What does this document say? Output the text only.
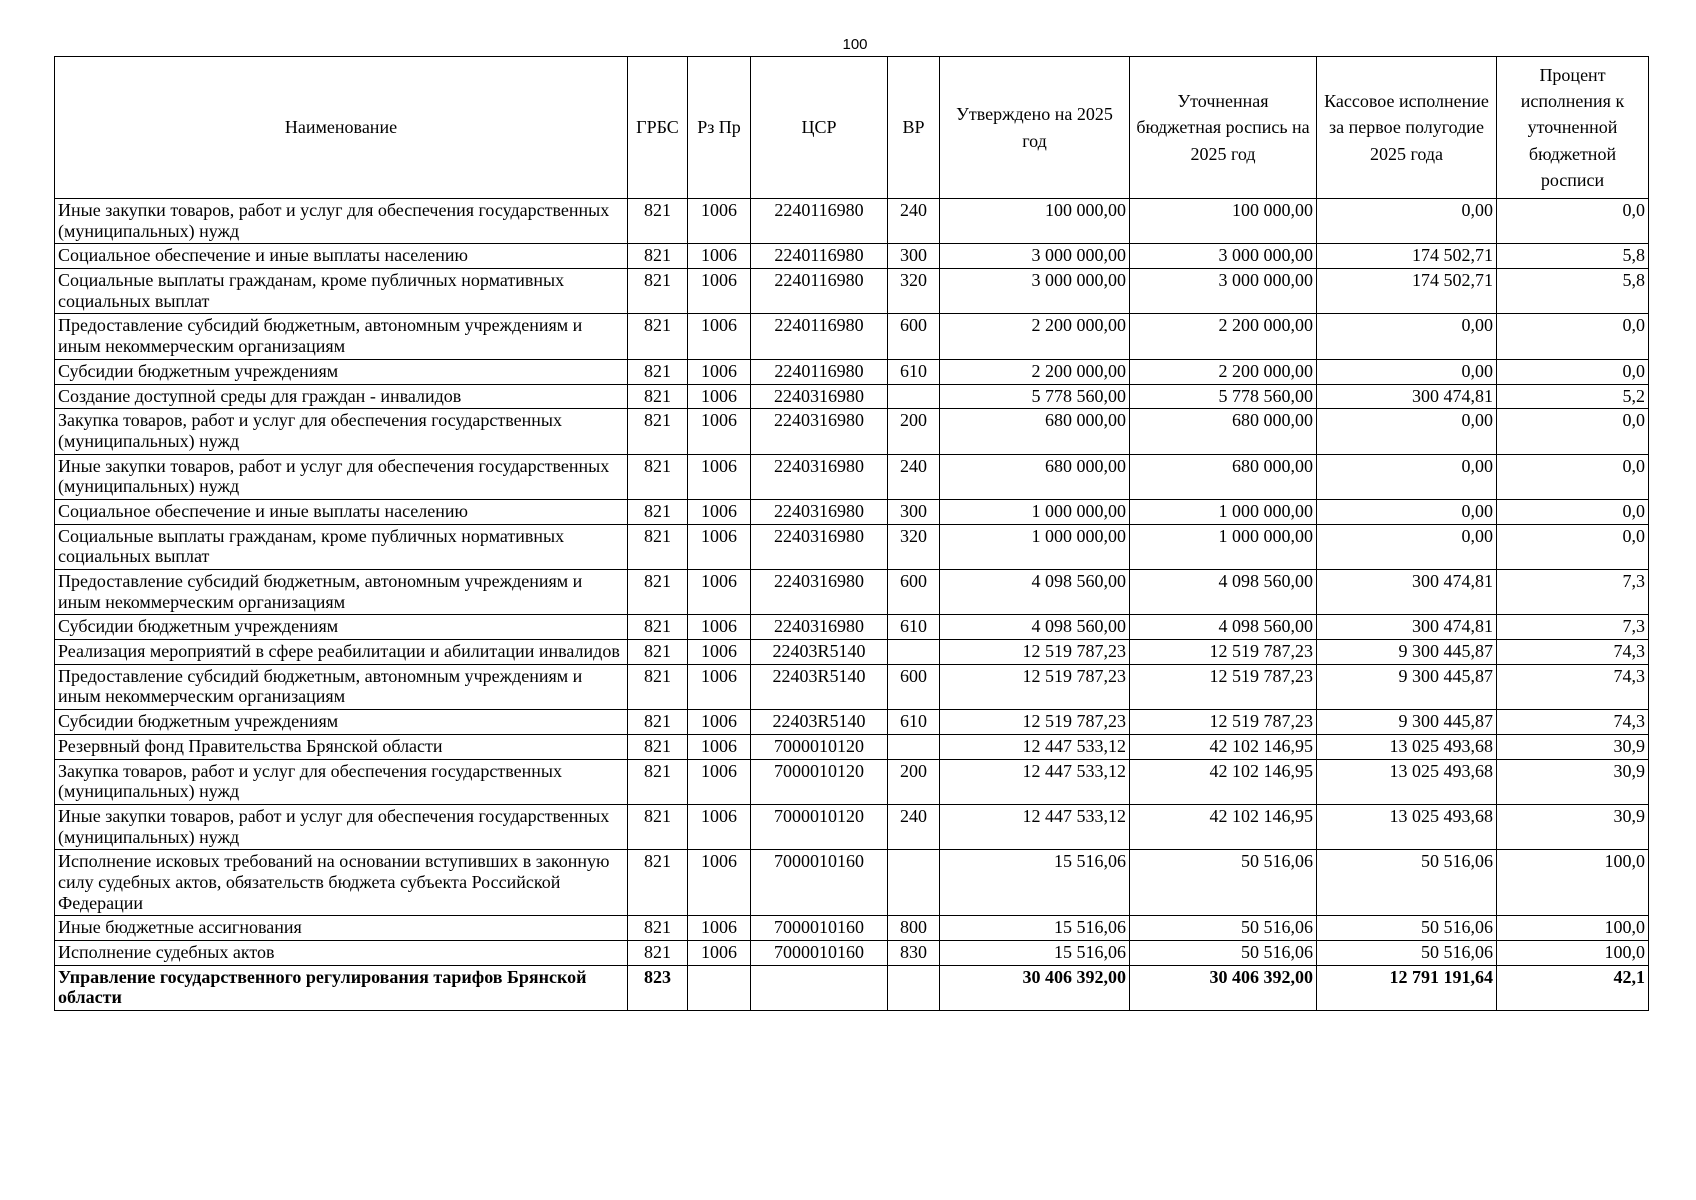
100
Наименование	ГРБС	Рз Пр	ЦСР	ВР	Утверждено на 2025 год	Уточненная бюджетная роспись на 2025 год	Кассовое исполнение за первое полугодие 2025 года	Процент исполнения к уточненной бюджетной росписи
Иные закупки товаров, работ и услуг для обеспечения государственных (муниципальных) нужд	821	1006	2240116980	240	100 000,00	100 000,00	0,00	0,0
Социальное обеспечение и иные выплаты населению	821	1006	2240116980	300	3 000 000,00	3 000 000,00	174 502,71	5,8
Социальные выплаты гражданам, кроме публичных нормативных социальных выплат	821	1006	2240116980	320	3 000 000,00	3 000 000,00	174 502,71	5,8
Предоставление субсидий бюджетным, автономным учреждениям и иным некоммерческим организациям	821	1006	2240116980	600	2 200 000,00	2 200 000,00	0,00	0,0
Субсидии бюджетным учреждениям	821	1006	2240116980	610	2 200 000,00	2 200 000,00	0,00	0,0
Создание доступной среды для граждан - инвалидов	821	1006	2240316980		5 778 560,00	5 778 560,00	300 474,81	5,2
Закупка товаров, работ и услуг для обеспечения государственных (муниципальных) нужд	821	1006	2240316980	200	680 000,00	680 000,00	0,00	0,0
Иные закупки товаров, работ и услуг для обеспечения государственных (муниципальных) нужд	821	1006	2240316980	240	680 000,00	680 000,00	0,00	0,0
Социальное обеспечение и иные выплаты населению	821	1006	2240316980	300	1 000 000,00	1 000 000,00	0,00	0,0
Социальные выплаты гражданам, кроме публичных нормативных социальных выплат	821	1006	2240316980	320	1 000 000,00	1 000 000,00	0,00	0,0
Предоставление субсидий бюджетным, автономным учреждениям и иным некоммерческим организациям	821	1006	2240316980	600	4 098 560,00	4 098 560,00	300 474,81	7,3
Субсидии бюджетным учреждениям	821	1006	2240316980	610	4 098 560,00	4 098 560,00	300 474,81	7,3
Реализация мероприятий в сфере реабилитации и абилитации инвалидов	821	1006	22403R5140		12 519 787,23	12 519 787,23	9 300 445,87	74,3
Предоставление субсидий бюджетным, автономным учреждениям и иным некоммерческим организациям	821	1006	22403R5140	600	12 519 787,23	12 519 787,23	9 300 445,87	74,3
Субсидии бюджетным учреждениям	821	1006	22403R5140	610	12 519 787,23	12 519 787,23	9 300 445,87	74,3
Резервный фонд Правительства Брянской области	821	1006	7000010120		12 447 533,12	42 102 146,95	13 025 493,68	30,9
Закупка товаров, работ и услуг для обеспечения государственных (муниципальных) нужд	821	1006	7000010120	200	12 447 533,12	42 102 146,95	13 025 493,68	30,9
Иные закупки товаров, работ и услуг для обеспечения государственных (муниципальных) нужд	821	1006	7000010120	240	12 447 533,12	42 102 146,95	13 025 493,68	30,9
Исполнение исковых требований на основании вступивших в законную силу судебных актов, обязательств бюджета субъекта Российской Федерации	821	1006	7000010160		15 516,06	50 516,06	50 516,06	100,0
Иные бюджетные ассигнования	821	1006	7000010160	800	15 516,06	50 516,06	50 516,06	100,0
Исполнение судебных актов	821	1006	7000010160	830	15 516,06	50 516,06	50 516,06	100,0
Управление государственного регулирования тарифов Брянской области	823				30 406 392,00	30 406 392,00	12 791 191,64	42,1
